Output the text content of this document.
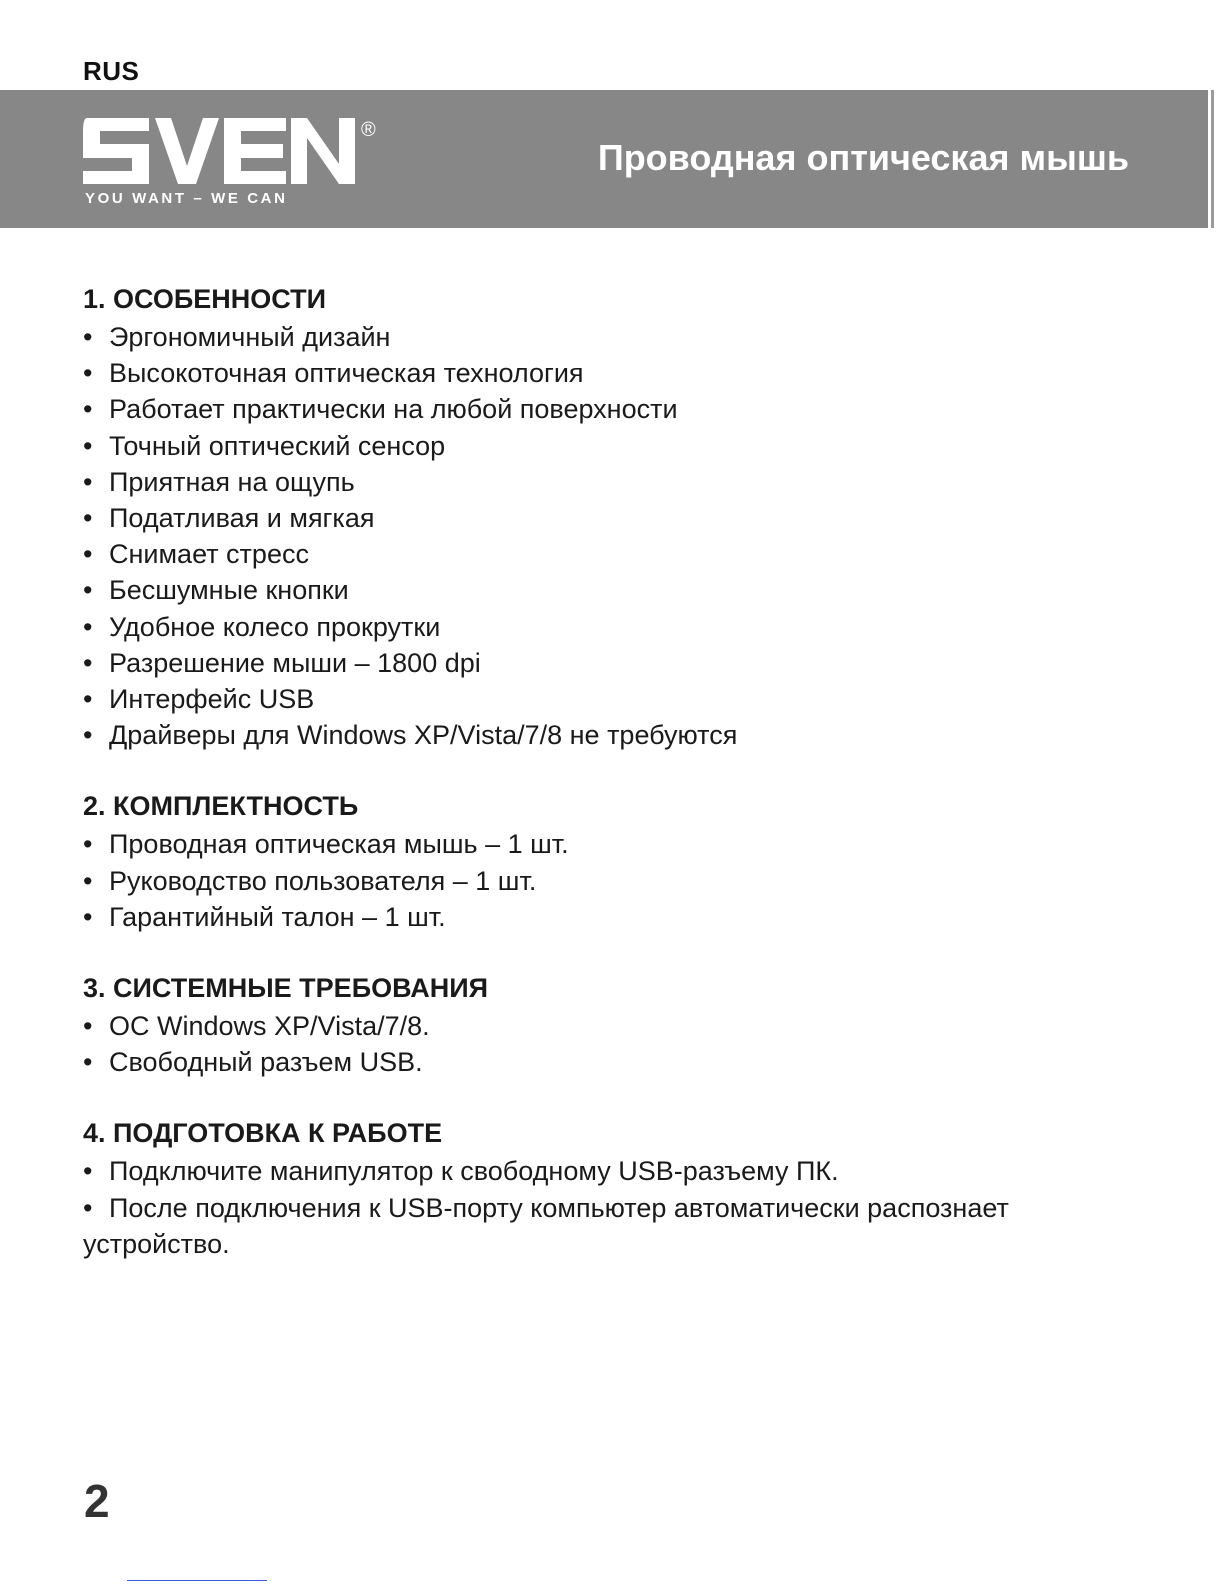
RUS
®
YOU WANT – WE CAN
Проводная оптическая мышь
1. ОСОБЕННОСТИ
• Эргономичный дизайн
• Высокоточная оптическая технология
• Работает практически на любой поверхности
• Точный оптический сенсор
• Приятная на ощупь
• Податливая и мягкая
• Снимает стресс
• Бесшумные кнопки
• Удобное колесо прокрутки
• Разрешение мыши – 1800 dpi
• Интерфейс USB
• Драйверы для Windows XP/Vista/7/8 не требуются
2. КОМПЛЕКТНОСТЬ
• Проводная оптическая мышь – 1 шт.
• Руководство пользователя – 1 шт.
• Гарантийный талон – 1 шт.
3. СИСТЕМНЫЕ ТРЕБОВАНИЯ
• ОС Windows XP/Vista/7/8.
• Свободный разъем USB.
4. ПОДГОТОВКА К РАБОТЕ
• Подключите манипулятор к свободному USB-разъему ПК.
• После подключения к USB-порту компьютер автоматически распознает устройство.
2
